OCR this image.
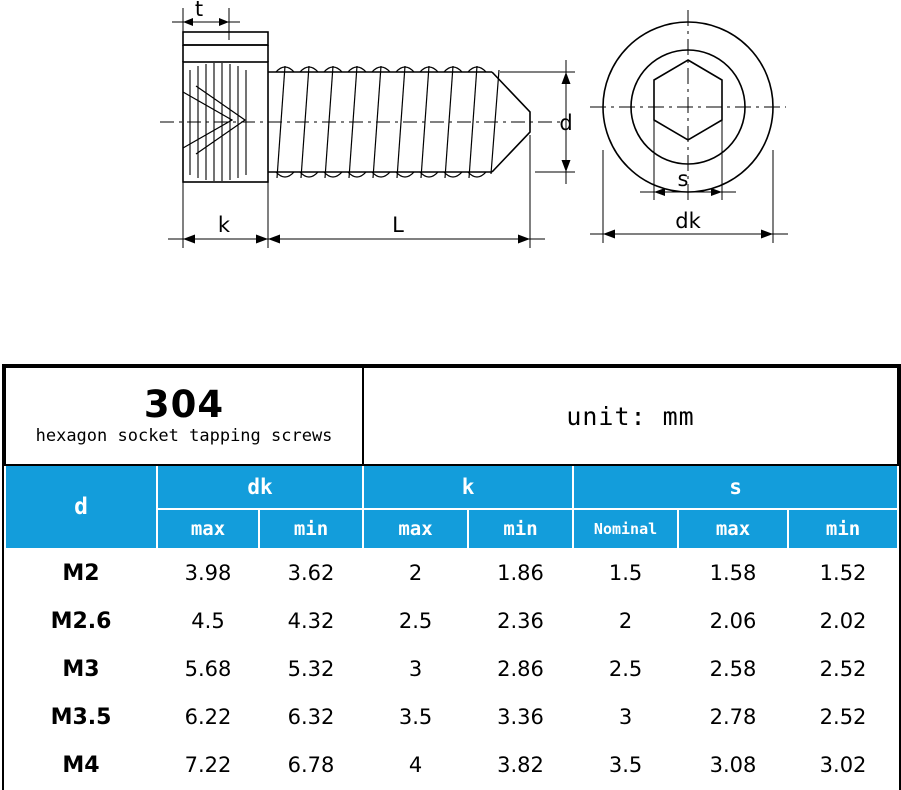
t
k	L
d
s
dk
304
hexagon socket tapping screws			unit: mm				
d	dk		k		s		
	max	min	max	min	Nominal	max	min
M2	3.98	3.62	2	1.86	1.5	1.58	1.52
M2.6	4.5	4.32	2.5	2.36	2	2.06	2.02
M3	5.68	5.32	3	2.86	2.5	2.58	2.52
M3.5	6.22	6.32	3.5	3.36	3	2.78	2.52
M4	7.22	6.78	4	3.82	3.5	3.08	3.02
